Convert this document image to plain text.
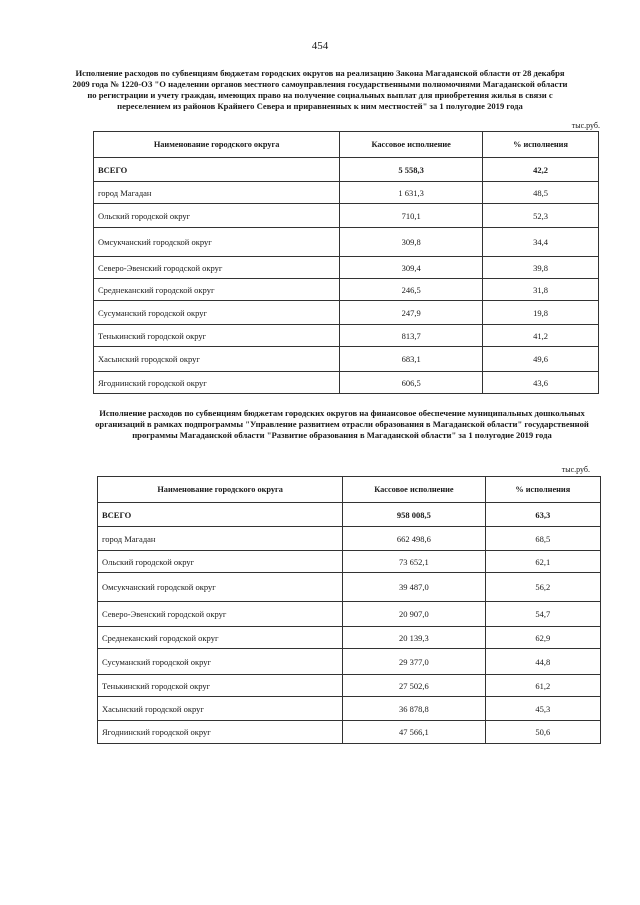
454
Исполнение расходов по субвенциям бюджетам городских округов на реализацию Закона Магаданской области от 28 декабря 2009 года № 1220-ОЗ "О наделении органов местного самоуправления государственными полномочиями Магаданской области по регистрации и учету граждан, имеющих право на получение социальных выплат для приобретения жилья в связи с переселением из районов Крайнего Севера и приравненных к ним местностей" за 1 полугодие 2019 года
тыс.руб.
Наименование городского округа	Кассовое исполнение	% исполнения
ВСЕГО	5 558,3	42,2
город Магадан	1 631,3	48,5
Ольский городской округ	710,1	52,3
Омсукчанский городской округ	309,8	34,4
Северо-Эвенский городской округ	309,4	39,8
Среднеканский городской округ	246,5	31,8
Сусуманский городской округ	247,9	19,8
Тенькинский городской округ	813,7	41,2
Хасынский городской округ	683,1	49,6
Ягоднинский городской округ	606,5	43,6
Исполнение расходов по субвенциям бюджетам городских округов на финансовое обеспечение муниципальных дошкольных организаций в рамках подпрограммы "Управление развитием отрасли образования в Магаданской области" государственной программы Магаданской области "Развитие образования в Магаданской области" за 1 полугодие 2019 года
тыс.руб.
Наименование городского округа	Кассовое исполнение	% исполнения
ВСЕГО	958 008,5	63,3
город Магадан	662 498,6	68,5
Ольский городской округ	73 652,1	62,1
Омсукчанский городской округ	39 487,0	56,2
Северо-Эвенский городской округ	20 907,0	54,7
Среднеканский городской округ	20 139,3	62,9
Сусуманский городской округ	29 377,0	44,8
Тенькинский городской округ	27 502,6	61,2
Хасынский городской округ	36 878,8	45,3
Ягоднинский городской округ	47 566,1	50,6
